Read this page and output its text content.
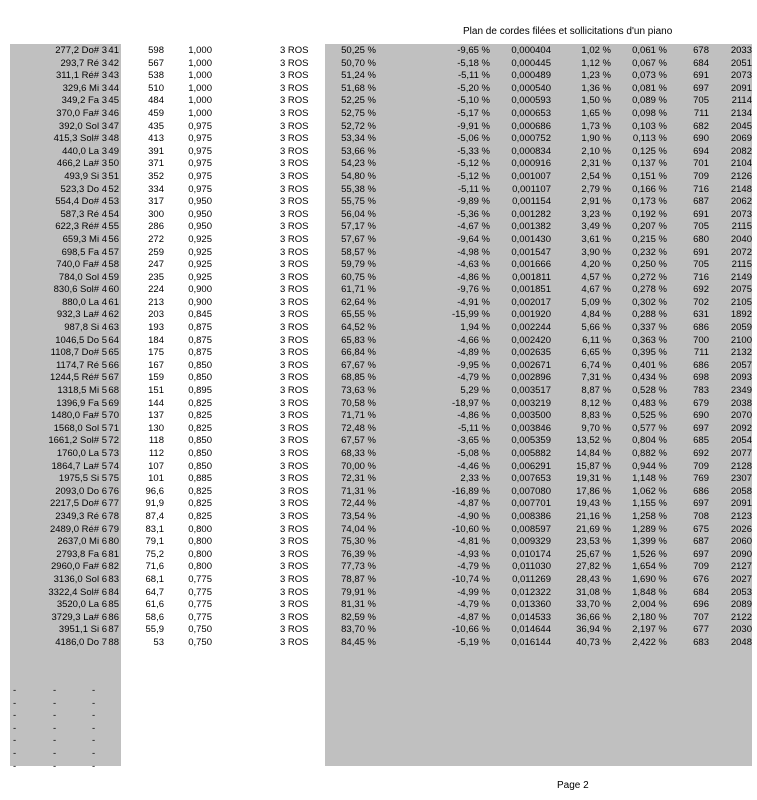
Plan de cordes filées et sollicitations d'un piano
277,2 Do# 3 41	598	1,000	3 ROS	50,25 %	-9,65 % 0,000404	1,02 % 0,061 %	678 2033
293,7 Ré 3 42	567	1,000	3 ROS	50,70 %	-5,18 % 0,000445	1,12 % 0,067 %	684 2051
311,1 Ré# 3 43	538	1,000	3 ROS	51,24 %	-5,11 % 0,000489	1,23 % 0,073 %	691 2073
329,6 Mi 3 44	510	1,000	3 ROS	51,68 %	-5,20 % 0,000540	1,36 % 0,081 %	697 2091
349,2 Fa 3 45	484	1,000	3 ROS	52,25 %	-5,10 % 0,000593	1,50 % 0,089 %	705 2114
370,0 Fa# 3 46	459	1,000	3 ROS	52,75 %	-5,17 % 0,000653	1,65 % 0,098 %	711 2134
392,0 Sol 3 47	435	0,975	3 ROS	52,72 %	-9,91 % 0,000686	1,73 % 0,103 %	682 2045
415,3 Sol# 3 48	413	0,975	3 ROS	53,34 %	-5,06 % 0,000752	1,90 % 0,113 %	690 2069
440,0 La 3 49	391	0,975	3 ROS	53,66 %	-5,33 % 0,000834	2,10 % 0,125 %	694 2082
466,2 La# 3 50	371	0,975	3 ROS	54,23 %	-5,12 % 0,000916	2,31 % 0,137 %	701 2104
493,9 Si 3 51	352	0,975	3 ROS	54,80 %	-5,12 % 0,001007	2,54 % 0,151 %	709 2126
523,3 Do 4 52	334	0,975	3 ROS	55,38 %	-5,11 % 0,001107	2,79 % 0,166 %	716 2148
554,4 Do# 4 53	317	0,950	3 ROS	55,75 %	-9,89 % 0,001154	2,91 % 0,173 %	687 2062
587,3 Ré 4 54	300	0,950	3 ROS	56,04 %	-5,36 % 0,001282	3,23 % 0,192 %	691 2073
622,3 Ré# 4 55	286	0,950	3 ROS	57,17 %	-4,67 % 0,001382	3,49 % 0,207 %	705 2115
659,3 Mi 4 56	272	0,925	3 ROS	57,67 %	-9,64 % 0,001430	3,61 % 0,215 %	680 2040
698,5 Fa 4 57	259	0,925	3 ROS	58,57 %	-4,98 % 0,001547	3,90 % 0,232 %	691 2072
740,0 Fa# 4 58	247	0,925	3 ROS	59,79 %	-4,63 % 0,001666	4,20 % 0,250 %	705 2115
784,0 Sol 4 59	235	0,925	3 ROS	60,75 %	-4,86 % 0,001811	4,57 % 0,272 %	716 2149
830,6 Sol# 4 60	224	0,900	3 ROS	61,71 %	-9,76 % 0,001851	4,67 % 0,278 %	692 2075
880,0 La 4 61	213	0,900	3 ROS	62,64 %	-4,91 % 0,002017	5,09 % 0,302 %	702 2105
932,3 La# 4 62	203	0,845	3 ROS	65,55 %	-15,99 % 0,001920	4,84 % 0,288 %	631 1892
987,8 Si 4 63	193	0,875	3 ROS	64,52 %	1,94 % 0,002244	5,66 % 0,337 %	686 2059
1046,5 Do 5 64	184	0,875	3 ROS	65,83 %	-4,66 % 0,002420	6,11 % 0,363 %	700 2100
1108,7 Do# 5 65	175	0,875	3 ROS	66,84 %	-4,89 % 0,002635	6,65 % 0,395 %	711 2132
1174,7 Ré 5 66	167	0,850	3 ROS	67,67 %	-9,95 % 0,002671	6,74 % 0,401 %	686 2057
1244,5 Ré# 5 67	159	0,850	3 ROS	68,85 %	-4,79 % 0,002896	7,31 % 0,434 %	698 2093
1318,5 Mi 5 68	151	0,895	3 ROS	73,63 %	5,29 % 0,003517	8,87 % 0,528 %	783 2349
1396,9 Fa 5 69	144	0,825	3 ROS	70,58 %	-18,97 % 0,003219	8,12 % 0,483 %	679 2038
1480,0 Fa# 5 70	137	0,825	3 ROS	71,71 %	-4,86 % 0,003500	8,83 % 0,525 %	690 2070
1568,0 Sol 5 71	130	0,825	3 ROS	72,48 %	-5,11 % 0,003846	9,70 % 0,577 %	697 2092
1661,2 Sol# 5 72	118	0,850	3 ROS	67,57 %	-3,65 % 0,005359	13,52 % 0,804 %	685 2054
1760,0 La 5 73	112	0,850	3 ROS	68,33 %	-5,08 % 0,005882	14,84 % 0,882 %	692 2077
1864,7 La# 5 74	107	0,850	3 ROS	70,00 %	-4,46 % 0,006291	15,87 % 0,944 %	709 2128
1975,5 Si 5 75	101	0,885	3 ROS	72,31 %	2,33 % 0,007653	19,31 % 1,148 %	769 2307
2093,0 Do 6 76	96,6	0,825	3 ROS	71,31 %	-16,89 % 0,007080	17,86 % 1,062 %	686 2058
2217,5 Do# 6 77	91,9	0,825	3 ROS	72,44 %	-4,87 % 0,007701	19,43 % 1,155 %	697 2091
2349,3 Ré 6 78	87,4	0,825	3 ROS	73,54 %	-4,90 % 0,008386	21,16 % 1,258 %	708 2123
2489,0 Ré# 6 79	83,1	0,800	3 ROS	74,04 %	-10,60 % 0,008597	21,69 % 1,289 %	675 2026
2637,0 Mi 6 80	79,1	0,800	3 ROS	75,30 %	-4,81 % 0,009329	23,53 % 1,399 %	687 2060
2793,8 Fa 6 81	75,2	0,800	3 ROS	76,39 %	-4,93 % 0,010174	25,67 % 1,526 %	697 2090
2960,0 Fa# 6 82	71,6	0,800	3 ROS	77,73 %	-4,79 % 0,011030	27,82 % 1,654 %	709 2127
3136,0 Sol 6 83	68,1	0,775	3 ROS	78,87 %	-10,74 % 0,011269	28,43 % 1,690 %	676 2027
3322,4 Sol# 6 84	64,7	0,775	3 ROS	79,91 %	-4,99 % 0,012322	31,08 % 1,848 %	684 2053
3520,0 La 6 85	61,6	0,775	3 ROS	81,31 %	-4,79 % 0,013360	33,70 % 2,004 %	696 2089
3729,3 La# 6 86	58,6	0,775	3 ROS	82,59 %	-4,87 % 0,014533	36,66 % 2,180 %	707 2122
3951,1 Si 6 87	55,9	0,750	3 ROS	83,70 %	-10,66 % 0,014644	36,94 % 2,197 %	677 2030
4186,0 Do 7 88	53	0,750	3 ROS	84,45 %	-5,19 % 0,016144	40,73 % 2,422 %	683 2048
-	-	-
-	-	-
-	-	-
-	-	-
-	-	-
-	-	-
-	-	-
Page 2
